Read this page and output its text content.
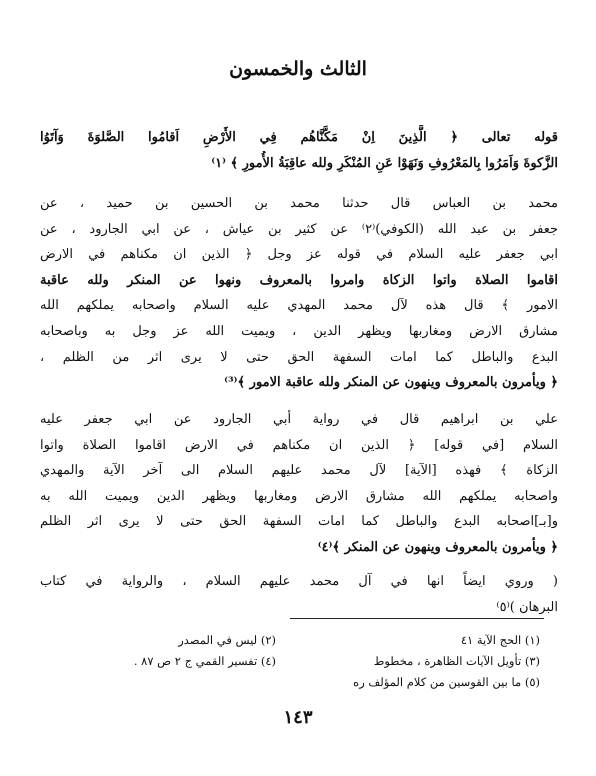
الثالث والخمسون
قوله تعالى ﴿ الَّذِينَ اِنْ مَكَّنَّاهُم فِي الأَرْضِ اَقامُوا الصَّلوَةَ وَآتَوُا
الزَّكوةَ وَاَمَرُوا بِالمَعْرُوفِ وَنَهَوْا عَنِ المُنْكَرِ ولله عاقِبَةُ الأُمورِ ﴾ ⁽١⁾
محمد بن العباس قال حدثنا محمد بن الحسين بن حميد ، عن
جعفر بن عبد الله (الكوفي)⁽٢⁾ عن كثير بن عياش ، عن ابي الجارود ، عن
ابي جعفر عليه السلام في قوله عز وجل ﴿ الذين ان مكناهم في الارض
اقاموا الصلاة واتوا الزكاة وامروا بالمعروف ونهوا عن المنكر ولله عاقبة
الامور ﴾ قال هذه لآل محمد المهدي عليه السلام واصحابه يملكهم الله
مشارق الارض ومغاربها ويظهر الدين ، ويميت الله عز وجل به وباصحابه
البدع والباطل كما امات السفهة الحق حتى لا يرى اثر من الظلم ،
﴿ ويأمرون بالمعروف وينهون عن المنكر ولله عاقبة الامور ﴾⁽³⁾
علي بن ابراهيم قال في رواية أبي الجارود عن ابي جعفر عليه
السلام [في قوله] ﴿ الذين ان مكناهم في الارض اقاموا الصلاة واتوا
الزكاة ﴾ فهذه [الآية] لآل محمد عليهم السلام الى آخر الآية والمهدي
واصحابه يملكهم الله مشارق الارض ومغاربها ويظهر الدين ويميت الله به
و[بـ]اصحابه البدع والباطل كما امات السفهة الحق حتى لا يرى اثر الظلم
﴿ ويأمرون بالمعروف وينهون عن المنكر ﴾⁽٤⁾
( وروي ايضاً انها في آل محمد عليهم السلام ، والرواية في كتاب
البرهان )⁽٥⁾
(١) الحج الآية ٤١
(٢) ليس في المصدر
(٣) تأويل الآيات الظاهرة ، مخطوط
(٤) تفسير القمي ج ٢ ص ٨٧ .
(٥) ما بين القوسين من كلام المؤلف ره
١٤٣
